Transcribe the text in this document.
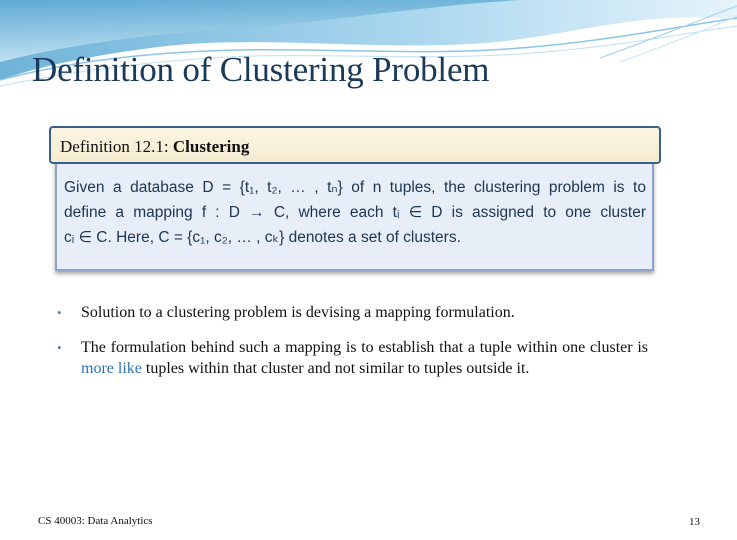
Definition of Clustering Problem
Definition 12.1: Clustering
Given a database D = {t₁, t₂, … , tₙ} of n tuples, the clustering problem is to
define a mapping f : D → C, where each tᵢ ∈ D is assigned to one cluster
cᵢ ∈ C. Here, C = {c₁, c₂, … , cₖ} denotes a set of clusters.
• Solution to a clustering problem is devising a mapping formulation.
• The formulation behind such a mapping is to establish that a tuple within one cluster is more like tuples within that cluster and not similar to tuples outside it.
CS 40003: Data Analytics	13
